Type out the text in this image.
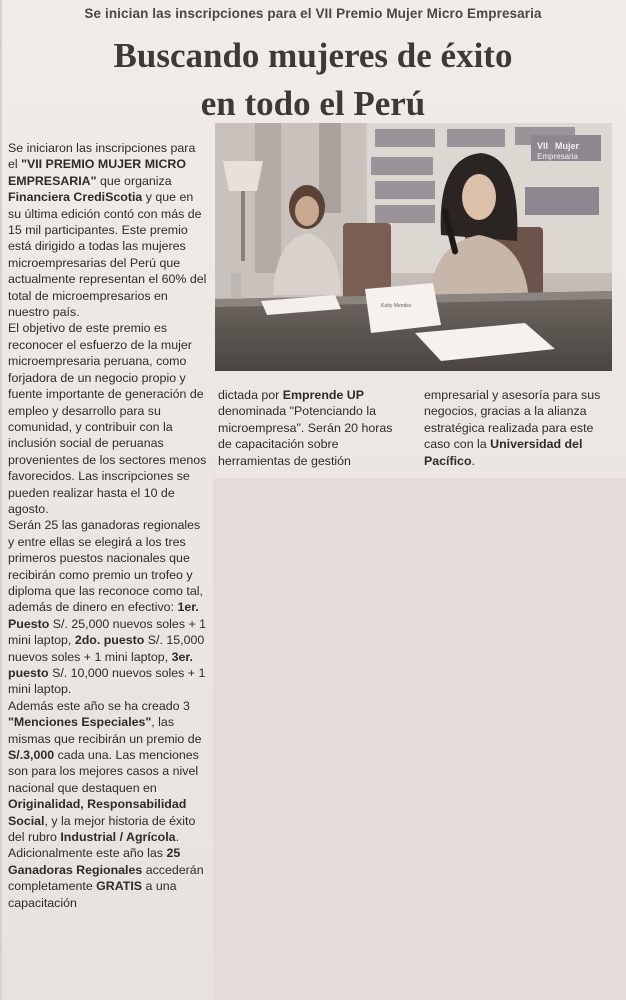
Se inician las inscripciones para el VII Premio Mujer Micro Empresaria
Buscando mujeres de éxito
en todo el Perú

Se iniciaron las inscripciones para el "VII PREMIO MUJER MICRO EMPRESARIA" que organiza Financiera CrediScotia y que en su última edición contó con más de 15 mil participantes. Este premio está dirigido a todas las mujeres microempresarias del Perú que actualmente representan el 60% del total de microempresarios en nuestro país.

El objetivo de este premio es reconocer el esfuerzo de la mujer microempresaria peruana, como forjadora de un negocio propio y fuente importante de generación de empleo y desarrollo para su comunidad, y contribuir con la inclusión social de peruanas provenientes de los sectores menos favorecidos. Las inscripciones se pueden realizar hasta el 10 de agosto.

Serán 25 las ganadoras regionales y entre ellas se elegirá a los tres primeros puestos nacionales que recibirán como premio un trofeo y diploma que las reconoce como tal, además de dinero en efectivo: 1er. Puesto S/. 25,000 nuevos soles + 1 mini laptop, 2do. puesto S/. 15,000 nuevos soles + 1 mini laptop, 3er. puesto S/. 10,000 nuevos soles + 1 mini laptop.

Además este año se ha creado 3 "Menciones Especiales", las mismas que recibirán un premio de S/.3,000 cada una. Las menciones son para los mejores casos a nivel nacional que destaquen en Originalidad, Responsabilidad Social, y la mejor historia de éxito del rubro Industrial / Agrícola.

Adicionalmente este año las 25 Ganadoras Regionales accederán completamente GRATIS a una capacitación

VII Mujer
Empresaria
Katty Mendez
dictada por Emprende UP denominada "Potenciando la microempresa". Serán 20 horas de capacitación sobre herramientas de gestión
empresarial y asesoría para sus negocios, gracias a la alianza estratégica realizada para este caso con la Universidad del Pacífico.
